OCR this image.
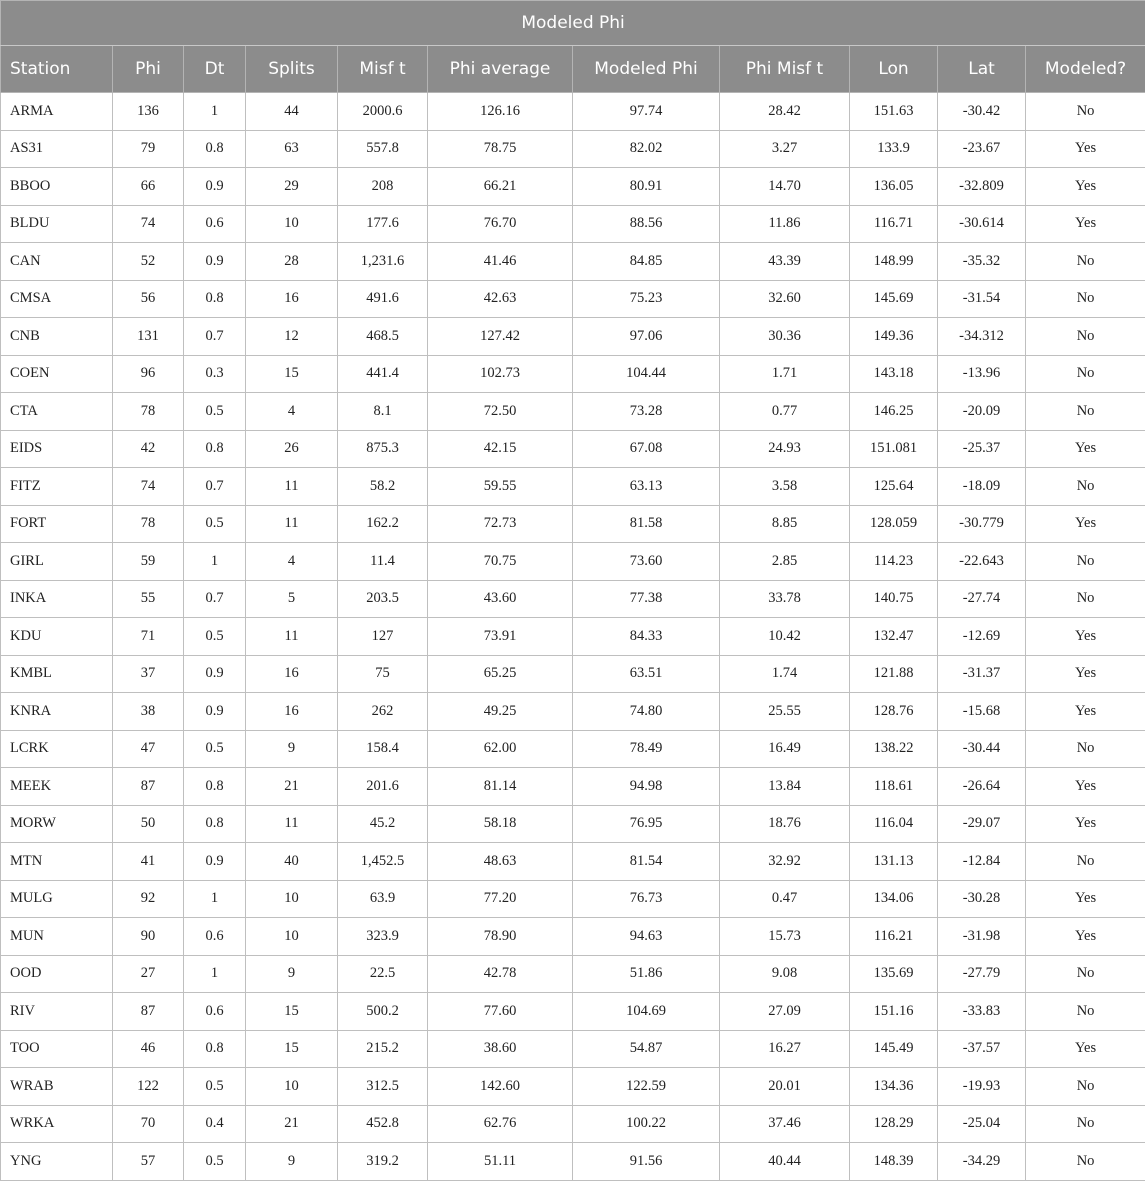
Modeled Phi										
Station	Phi	Dt	Splits	Misf t	Phi average	Modeled Phi	Phi Misf t	Lon	Lat	Modeled?
ARMA	136	1	44	2000.6	126.16	97.74	28.42	151.63	-30.42	No
AS31	79	0.8	63	557.8	78.75	82.02	3.27	133.9	-23.67	Yes
BBOO	66	0.9	29	208	66.21	80.91	14.70	136.05	-32.809	Yes
BLDU	74	0.6	10	177.6	76.70	88.56	11.86	116.71	-30.614	Yes
CAN	52	0.9	28	1,231.6	41.46	84.85	43.39	148.99	-35.32	No
CMSA	56	0.8	16	491.6	42.63	75.23	32.60	145.69	-31.54	No
CNB	131	0.7	12	468.5	127.42	97.06	30.36	149.36	-34.312	No
COEN	96	0.3	15	441.4	102.73	104.44	1.71	143.18	-13.96	No
CTA	78	0.5	4	8.1	72.50	73.28	0.77	146.25	-20.09	No
EIDS	42	0.8	26	875.3	42.15	67.08	24.93	151.081	-25.37	Yes
FITZ	74	0.7	11	58.2	59.55	63.13	3.58	125.64	-18.09	No
FORT	78	0.5	11	162.2	72.73	81.58	8.85	128.059	-30.779	Yes
GIRL	59	1	4	11.4	70.75	73.60	2.85	114.23	-22.643	No
INKA	55	0.7	5	203.5	43.60	77.38	33.78	140.75	-27.74	No
KDU	71	0.5	11	127	73.91	84.33	10.42	132.47	-12.69	Yes
KMBL	37	0.9	16	75	65.25	63.51	1.74	121.88	-31.37	Yes
KNRA	38	0.9	16	262	49.25	74.80	25.55	128.76	-15.68	Yes
LCRK	47	0.5	9	158.4	62.00	78.49	16.49	138.22	-30.44	No
MEEK	87	0.8	21	201.6	81.14	94.98	13.84	118.61	-26.64	Yes
MORW	50	0.8	11	45.2	58.18	76.95	18.76	116.04	-29.07	Yes
MTN	41	0.9	40	1,452.5	48.63	81.54	32.92	131.13	-12.84	No
MULG	92	1	10	63.9	77.20	76.73	0.47	134.06	-30.28	Yes
MUN	90	0.6	10	323.9	78.90	94.63	15.73	116.21	-31.98	Yes
OOD	27	1	9	22.5	42.78	51.86	9.08	135.69	-27.79	No
RIV	87	0.6	15	500.2	77.60	104.69	27.09	151.16	-33.83	No
TOO	46	0.8	15	215.2	38.60	54.87	16.27	145.49	-37.57	Yes
WRAB	122	0.5	10	312.5	142.60	122.59	20.01	134.36	-19.93	No
WRKA	70	0.4	21	452.8	62.76	100.22	37.46	128.29	-25.04	No
YNG	57	0.5	9	319.2	51.11	91.56	40.44	148.39	-34.29	No
